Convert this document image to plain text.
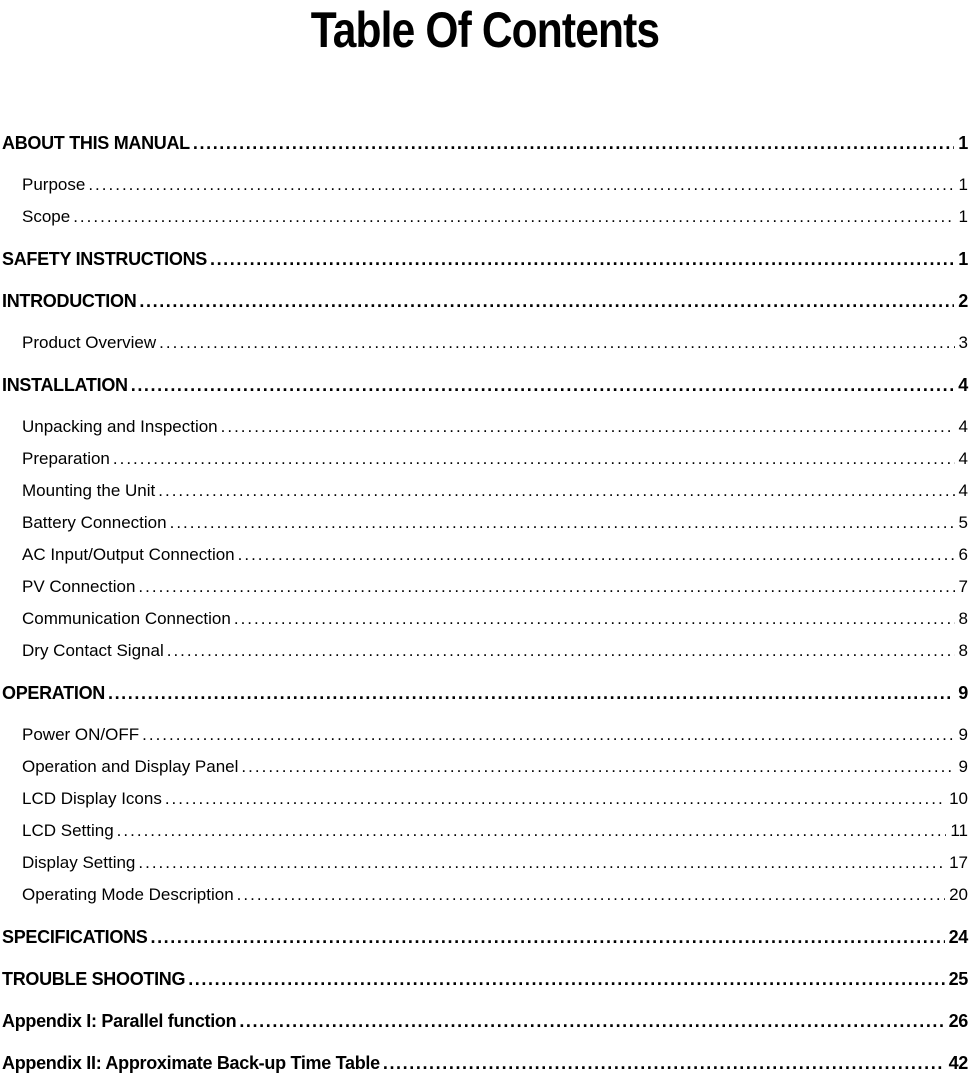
Table Of Contents
ABOUT THIS MANUAL .....	1
Purpose .....	1
Scope .....	1
SAFETY INSTRUCTIONS .....	1
INTRODUCTION .....	2
Product Overview .....	3
INSTALLATION .....	4
Unpacking and Inspection .....	4
Preparation .....	4
Mounting the Unit .....	4
Battery Connection .....	5
AC Input/Output Connection .....	6
PV Connection .....	7
Communication Connection .....	8
Dry Contact Signal .....	8
OPERATION .....	9
Power ON/OFF .....	9
Operation and Display Panel .....	9
LCD Display Icons .....	10
LCD Setting .....	11
Display Setting .....	17
Operating Mode Description .....	20
SPECIFICATIONS .....	24
TROUBLE SHOOTING .....	25
Appendix I: Parallel function .....	26
Appendix II: Approximate Back-up Time Table .....	42
